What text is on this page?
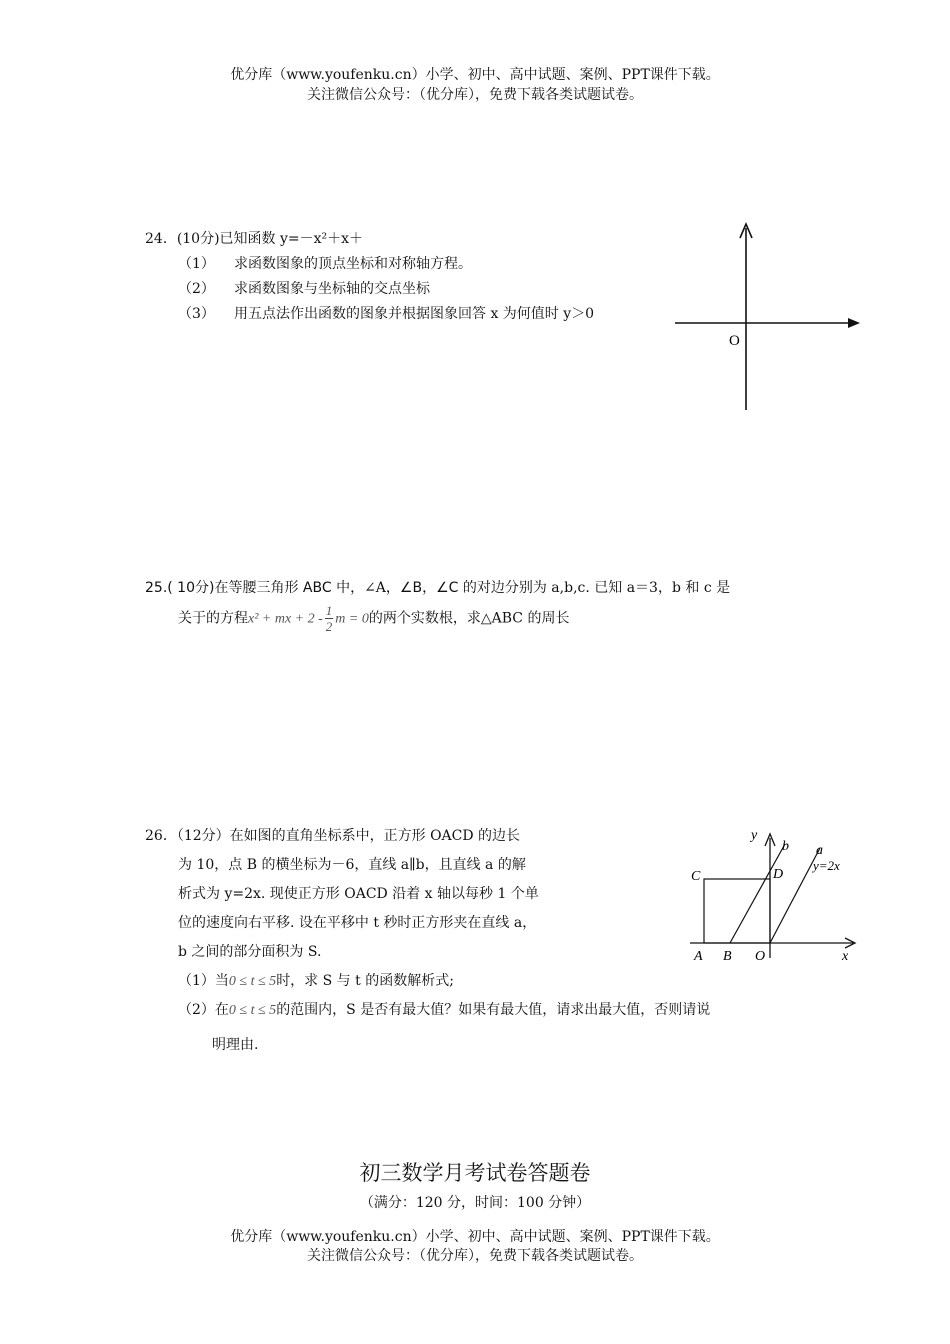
优分库（www.youfenku.cn）小学、初中、高中试题、案例、PPT课件下载。
关注微信公众号：（优分库），免费下载各类试题试卷。
24．(10分)已知函数 y=－x²＋x＋
（1） 求函数图象的顶点坐标和对称轴方程。
（2） 求函数图象与坐标轴的交点坐标
（3） 用五点法作出函数的图象并根据图象回答 x 为何值时 y＞0
O
25.( 10分)在等腰三角形 ABC 中，∠A，∠B，∠C 的对边分别为 a,b,c. 已知 a＝3，b 和 c 是
关于的方程x² + mx + $2 - \frac{1}{2}$ m = 0的两个实数根，求△ABC 的周长
26．（12分）在如图的直角坐标系中，正方形 OACD 的边长
为 10，点 B 的横坐标为－6，直线 a∥b，且直线 a 的解
析式为 y=2x. 现使正方形 OACD 沿着 x 轴以每秒 1 个单
位的速度向右平移. 设在平移中 t 秒时正方形夹在直线 a，
b 之间的部分面积为 S.
（1）当0 ≤ t ≤ 5时，求 S 与 t 的函数解析式;
（2）在0 ≤ t ≤ 5的范围内，S 是否有最大值？如果有最大值，请求出最大值，否则请说
明理由.
y
b a
y=2x
C	D
A B O	x
初三数学月考试卷答题卷
（满分：120 分，时间：100 分钟）
优分库（www.youfenku.cn）小学、初中、高中试题、案例、PPT课件下载。
关注微信公众号：（优分库），免费下载各类试题试卷。
